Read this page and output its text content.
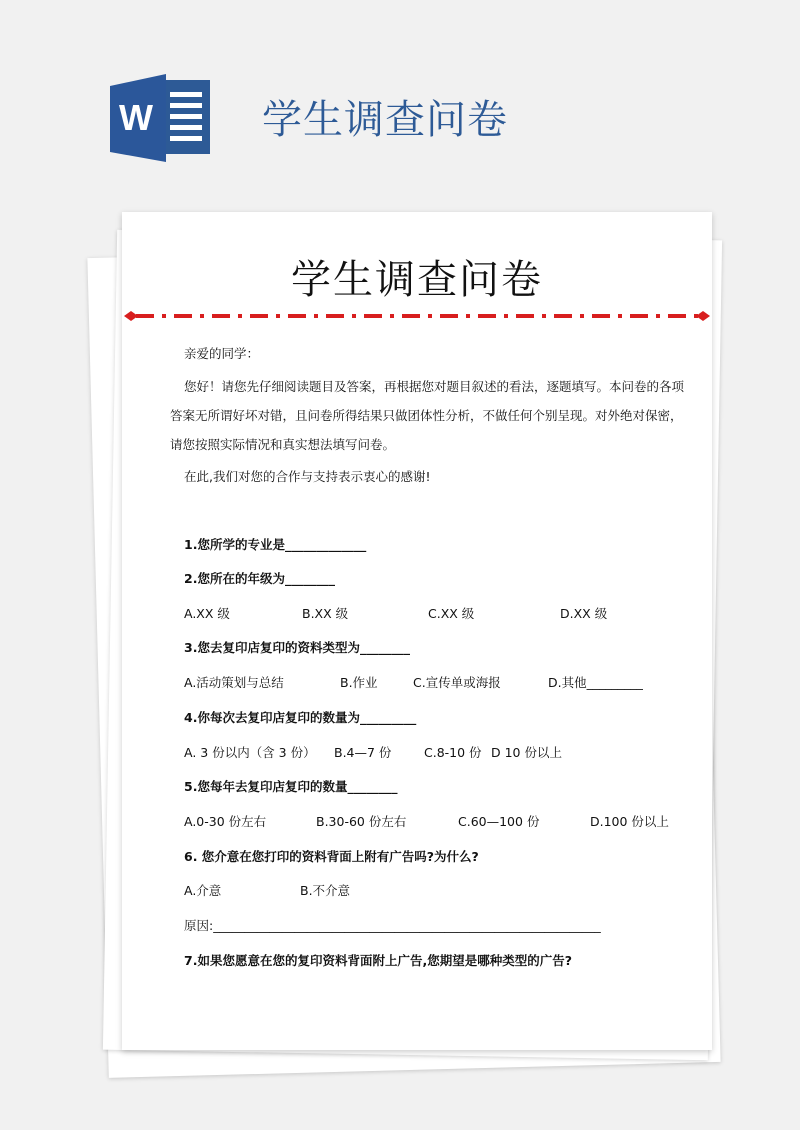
W	学生调查问卷
学生调查问卷
亲爱的同学：
您好！请您先仔细阅读题目及答案，再根据您对题目叙述的看法，逐题填写。本问卷的各项答案无所谓好坏对错，且问卷所得结果只做团体性分析，不做任何个别呈现。对外绝对保密，请您按照实际情况和真实想法填写问卷。
在此,我们对您的合作与支持表示衷心的感谢!
1.您所学的专业是_____________
2.您所在的年级为________
A.XX 级	B.XX 级	C.XX 级	D.XX 级
3.您去复印店复印的资料类型为________
A.活动策划与总结	B.作业	C.宣传单或海报	D.其他_________
4.你每次去复印店复印的数量为_________
A. 3 份以内（含 3 份） B.4—7 份	C.8-10 份 D 10 份以上
5.您每年去复印店复印的数量________
A.0-30 份左右	B.30-60 份左右	C.60—100 份	D.100 份以上
6. 您介意在您打印的资料背面上附有广告吗?为什么?
A.介意	B.不介意
原因:______________________________________________________________
7.如果您愿意在您的复印资料背面附上广告,您期望是哪种类型的广告?
